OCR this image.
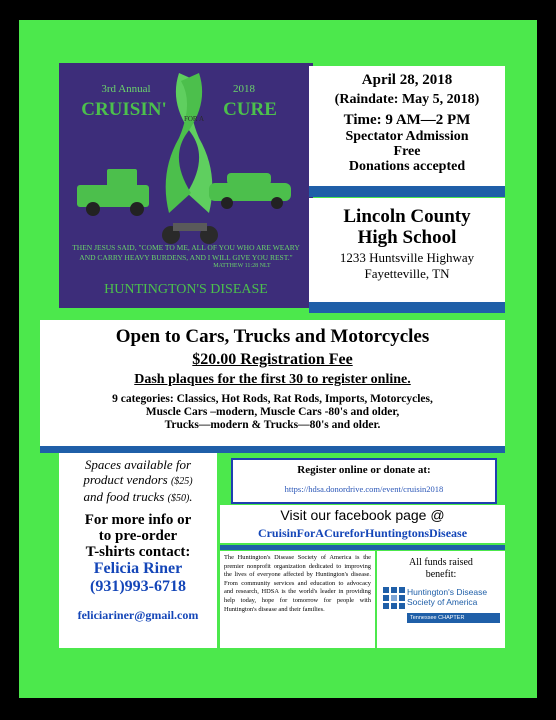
3rd Annual	2018
CRUISIN'	FOR A	CURE
THEN JESUS SAID, "COME TO ME, ALL OF YOU WHO ARE WEARY
AND CARRY HEAVY BURDENS, AND I WILL GIVE YOU REST."
MATTHEW 11:28 NLT
HUNTINGTON'S DISEASE
April 28, 2018
(Raindate: May 5, 2018)
Time: 9 AM—2 PM
Spectator Admission
Free
Donations accepted
Lincoln County
High School
1233 Huntsville Highway
Fayetteville, TN
Open to Cars, Trucks and Motorcycles
$20.00 Registration Fee
Dash plaques for the first 30 to register online.
9 categories: Classics, Hot Rods, Rat Rods, Imports, Motorcycles,
Muscle Cars –modern, Muscle Cars -80's and older,
Trucks—modern & Trucks—80's and older.
Spaces available for
product vendors ($25)
and food trucks ($50).
For more info or
to pre-order
T-shirts contact:
Felicia Riner
(931)993-6718
feliciariner@gmail.com
Register online or donate at:
https://hdsa.donordrive.com/event/cruisin2018
Visit our facebook page @
CruisinForACureforHuntingtonsDisease
The Huntington's Disease Society of America is the premier nonprofit organization dedicated to improving the lives of everyone affected by Huntington's disease. From community services and education to advocacy and research, HDSA is the world's leader in providing help today, hope for tomorrow for people with Huntington's disease and their families.
All funds raised
benefit:
Huntington's Disease
Society of America
Tennessee CHAPTER
